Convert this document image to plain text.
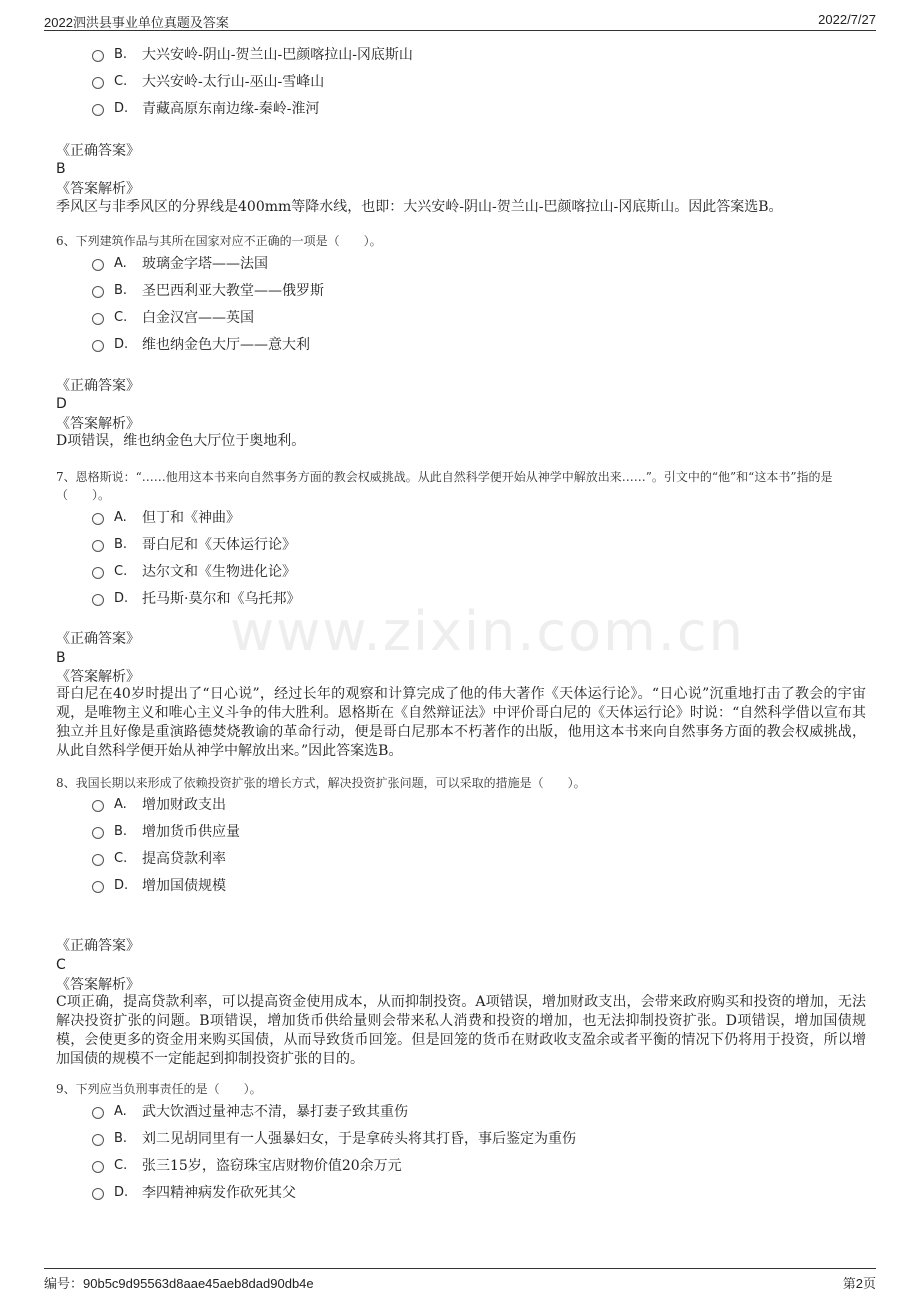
2022泗洪县事业单位真题及答案	2022/7/27
www.zixin.com.cn
B. 大兴安岭-阴山-贺兰山-巴颜喀拉山-冈底斯山
C. 大兴安岭-太行山-巫山-雪峰山
D. 青藏高原东南边缘-秦岭-淮河
《正确答案》
B
《答案解析》
季风区与非季风区的分界线是400mm等降水线，也即：大兴安岭-阴山-贺兰山-巴颜喀拉山-冈底斯山。因此答案选B。
6、下列建筑作品与其所在国家对应不正确的一项是（　　）。
A. 玻璃金字塔——法国
B. 圣巴西利亚大教堂——俄罗斯
C. 白金汉宫——英国
D. 维也纳金色大厅——意大利
《正确答案》
D
《答案解析》
D项错误，维也纳金色大厅位于奥地利。
7、恩格斯说：“……他用这本书来向自然事务方面的教会权威挑战。从此自然科学便开始从神学中解放出来……”。引文中的“他”和“这本书”指的是（　　）。
A. 但丁和《神曲》
B. 哥白尼和《天体运行论》
C. 达尔文和《生物进化论》
D. 托马斯·莫尔和《乌托邦》
《正确答案》
B
《答案解析》
哥白尼在40岁时提出了“日心说”，经过长年的观察和计算完成了他的伟大著作《天体运行论》。“日心说”沉重地打击了教会的宇宙观，是唯物主义和唯心主义斗争的伟大胜利。恩格斯在《自然辩证法》中评价哥白尼的《天体运行论》时说：“自然科学借以宣布其独立并且好像是重演路德焚烧教谕的革命行动，便是哥白尼那本不朽著作的出版，他用这本书来向自然事务方面的教会权威挑战，从此自然科学便开始从神学中解放出来。”因此答案选B。
8、我国长期以来形成了依赖投资扩张的增长方式，解决投资扩张问题，可以采取的措施是（　　）。
A. 增加财政支出
B. 增加货币供应量
C. 提高贷款利率
D. 增加国债规模
《正确答案》
C
《答案解析》
C项正确，提高贷款利率，可以提高资金使用成本，从而抑制投资。A项错误，增加财政支出，会带来政府购买和投资的增加，无法解决投资扩张的问题。B项错误，增加货币供给量则会带来私人消费和投资的增加，也无法抑制投资扩张。D项错误，增加国债规模，会使更多的资金用来购买国债，从而导致货币回笼。但是回笼的货币在财政收支盈余或者平衡的情况下仍将用于投资，所以增加国债的规模不一定能起到抑制投资扩张的目的。
9、下列应当负刑事责任的是（　　）。
A. 武大饮酒过量神志不清，暴打妻子致其重伤
B. 刘二见胡同里有一人强暴妇女，于是拿砖头将其打昏，事后鉴定为重伤
C. 张三15岁，盗窃珠宝店财物价值20余万元
D. 李四精神病发作砍死其父
编号：90b5c9d95563d8aae45aeb8dad90db4e	第2页
